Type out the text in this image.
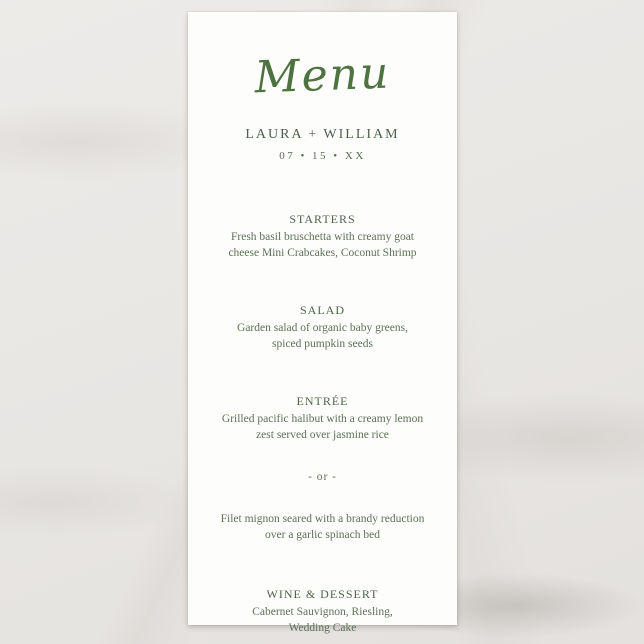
Menu
LAURA + WILLIAM
07 • 15 • XX
STARTERS
Fresh basil bruschetta with creamy goat
cheese Mini Crabcakes, Coconut Shrimp
SALAD
Garden salad of organic baby greens,
spiced pumpkin seeds
ENTRÉE
Grilled pacific halibut with a creamy lemon
zest served over jasmine rice
- or -
Filet mignon seared with a brandy reduction
over a garlic spinach bed
WINE & DESSERT
Cabernet Sauvignon, Riesling,
Wedding Cake
